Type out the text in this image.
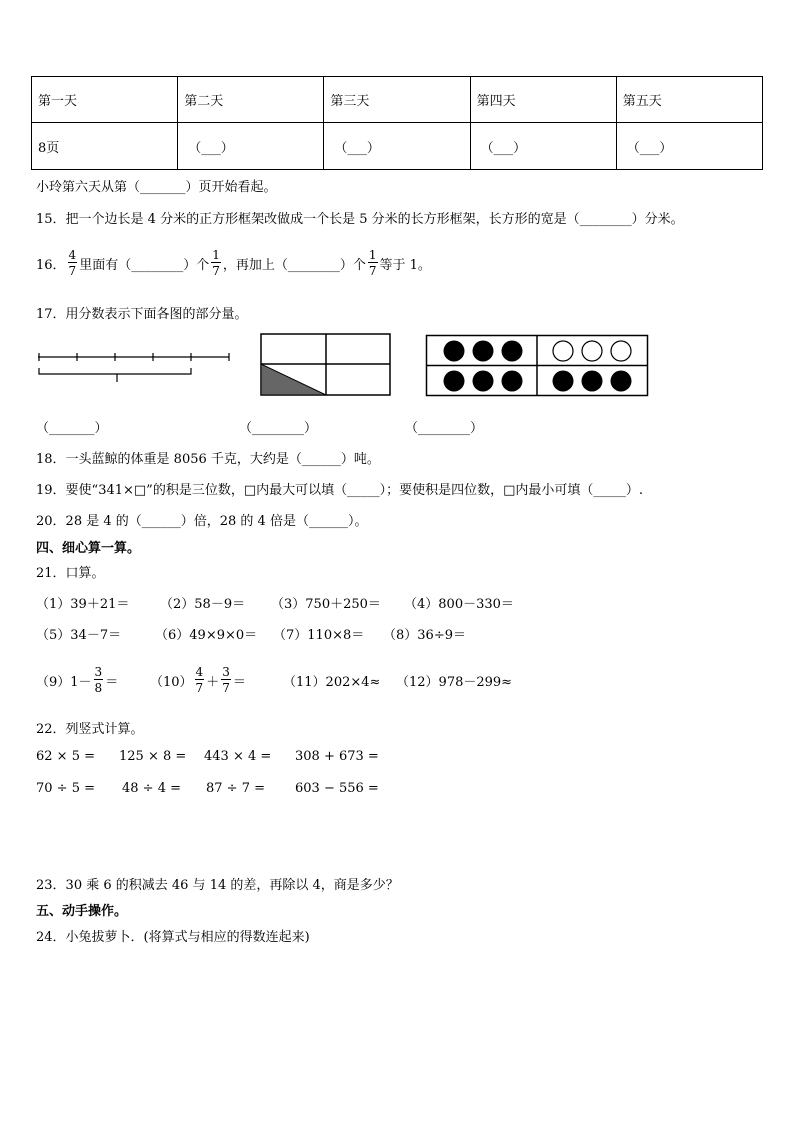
第一天	第二天	第三天	第四天	第五天
8页	（___）	（___）	（___）	（___）
小玲第六天从第（_______）页开始看起。
15．把一个边长是 4 分米的正方形框架改做成一个长是 5 分米的长方形框架，长方形的宽是（________）分米。
16． $\frac{4}{7}$ 里面有（________）个 $\frac{1}{7}$ ，再加上（________）个 $\frac{1}{7}$ 等于 1。
17．用分数表示下面各图的部分量。
（_______）	（________）	（________）
18．一头蓝鲸的体重是 8056 千克，大约是（______）吨。
19．要使“341×□”的积是三位数，□内最大可以填（_____）；要使积是四位数，□内最小可填（_____）.
20．28 是 4 的（______）倍，28 的 4 倍是（______）。
四、细心算一算。
21．口算。
（1）39＋21＝ （2）58－9＝ （3）750＋250＝ （4）800－330＝
（5）34－7＝	（6）49×9×0＝ （7）110×8＝ （8）36÷9＝
$(9)1- \frac{3}{8} = (10) \frac{4}{7} + \frac{3}{7}$ ＝	（11）202×4≈ （12）978－299≈
22．列竖式计算。
62 × 5 = 125 × 8 = 443 × 4 = 308 + 673 =
70 ÷ 5 = 48 ÷ 4 = 87 ÷ 7 = 603 − 556 =
23．30 乘 6 的积减去 46 与 14 的差，再除以 4，商是多少？
五、动手操作。
24．小兔拔萝卜．(将算式与相应的得数连起来)
